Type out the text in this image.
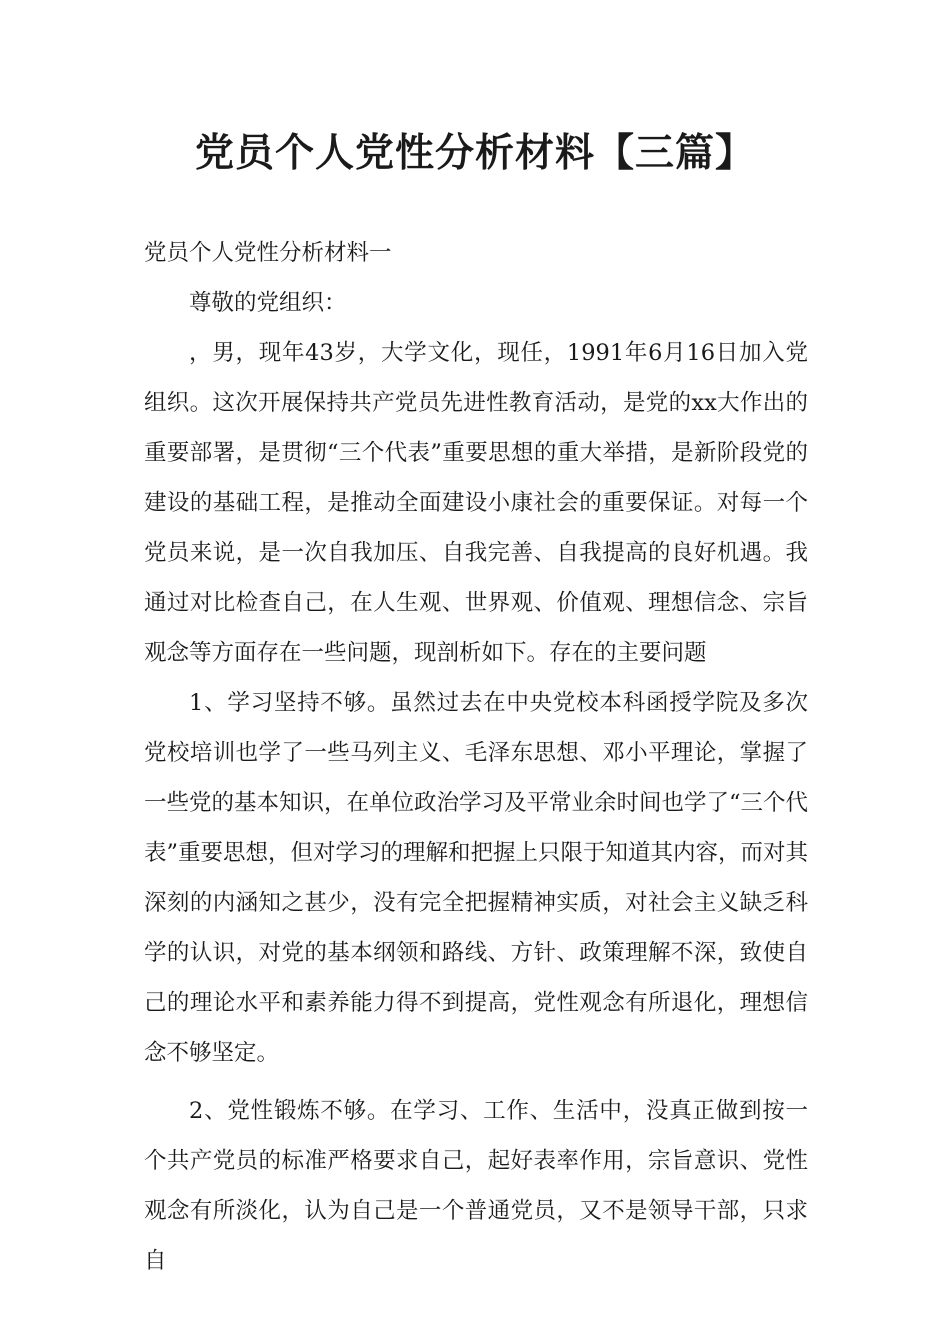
党员个人党性分析材料【三篇】

党员个人党性分析材料一

尊敬的党组织：

，男，现年43岁，大学文化，现任，1991年6月16日加入党组织。这次开展保持共产党员先进性教育活动，是党的xx大作出的重要部署，是贯彻“三个代表”重要思想的重大举措，是新阶段党的建设的基础工程，是推动全面建设小康社会的重要保证。对每一个党员来说，是一次自我加压、自我完善、自我提高的良好机遇。我通过对比检查自己，在人生观、世界观、价值观、理想信念、宗旨观念等方面存在一些问题，现剖析如下。存在的主要问题

1、学习坚持不够。虽然过去在中央党校本科函授学院及多次党校培训也学了一些马列主义、毛泽东思想、邓小平理论，掌握了一些党的基本知识，在单位政治学习及平常业余时间也学了“三个代表”重要思想，但对学习的理解和把握上只限于知道其内容，而对其深刻的内涵知之甚少，没有完全把握精神实质，对社会主义缺乏科学的认识，对党的基本纲领和路线、方针、政策理解不深，致使自己的理论水平和素养能力得不到提高，党性观念有所退化，理想信念不够坚定。

2、党性锻炼不够。在学习、工作、生活中，没真正做到按一个共产党员的标准严格要求自己，起好表率作用，宗旨意识、党性观念有所淡化，认为自己是一个普通党员，又不是领导干部，只求自
